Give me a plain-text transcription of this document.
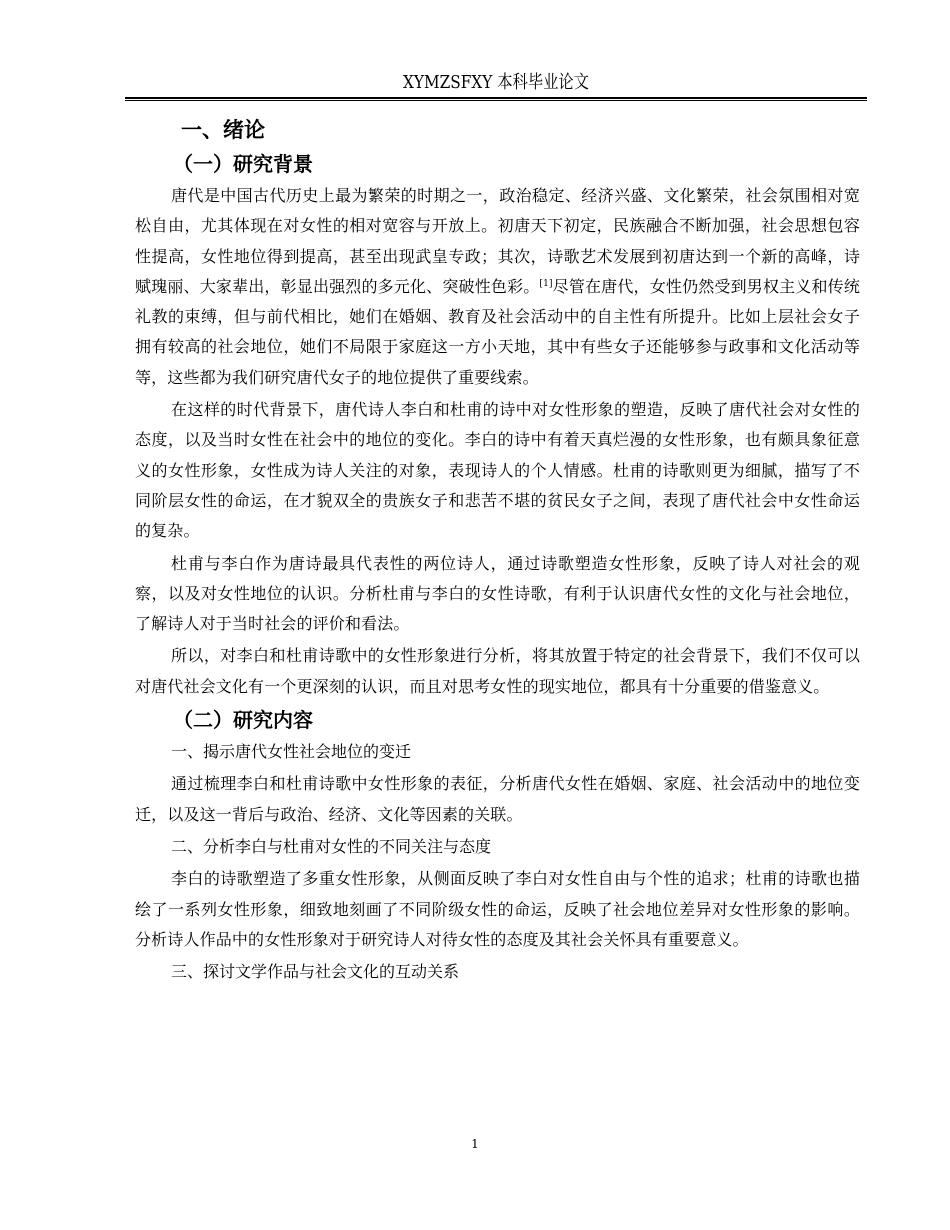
XYMZSFXY 本科毕业论文
一、绪论
（一）研究背景

唐代是中国古代历史上最为繁荣的时期之一，政治稳定、经济兴盛、文化繁荣，社会氛围相对宽松自由，尤其体现在对女性的相对宽容与开放上。初唐天下初定，民族融合不断加强，社会思想包容性提高，女性地位得到提高，甚至出现武皇专政；其次，诗歌艺术发展到初唐达到一个新的高峰，诗赋瑰丽、大家辈出，彰显出强烈的多元化、突破性色彩。[1]尽管在唐代，女性仍然受到男权主义和传统礼教的束缚，但与前代相比，她们在婚姻、教育及社会活动中的自主性有所提升。比如上层社会女子拥有较高的社会地位，她们不局限于家庭这一方小天地，其中有些女子还能够参与政事和文化活动等等，这些都为我们研究唐代女子的地位提供了重要线索。

在这样的时代背景下，唐代诗人李白和杜甫的诗中对女性形象的塑造，反映了唐代社会对女性的态度，以及当时女性在社会中的地位的变化。李白的诗中有着天真烂漫的女性形象，也有颇具象征意义的女性形象，女性成为诗人关注的对象，表现诗人的个人情感。杜甫的诗歌则更为细腻，描写了不同阶层女性的命运，在才貌双全的贵族女子和悲苦不堪的贫民女子之间，表现了唐代社会中女性命运的复杂。

杜甫与李白作为唐诗最具代表性的两位诗人，通过诗歌塑造女性形象，反映了诗人对社会的观察，以及对女性地位的认识。分析杜甫与李白的女性诗歌，有利于认识唐代女性的文化与社会地位，了解诗人对于当时社会的评价和看法。

所以，对李白和杜甫诗歌中的女性形象进行分析，将其放置于特定的社会背景下，我们不仅可以对唐代社会文化有一个更深刻的认识，而且对思考女性的现实地位，都具有十分重要的借鉴意义。

（二）研究内容

一、揭示唐代女性社会地位的变迁

通过梳理李白和杜甫诗歌中女性形象的表征，分析唐代女性在婚姻、家庭、社会活动中的地位变迁，以及这一背后与政治、经济、文化等因素的关联。

二、分析李白与杜甫对女性的不同关注与态度

李白的诗歌塑造了多重女性形象，从侧面反映了李白对女性自由与个性的追求；杜甫的诗歌也描绘了一系列女性形象，细致地刻画了不同阶级女性的命运，反映了社会地位差异对女性形象的影响。分析诗人作品中的女性形象对于研究诗人对待女性的态度及其社会关怀具有重要意义。

三、探讨文学作品与社会文化的互动关系

1
